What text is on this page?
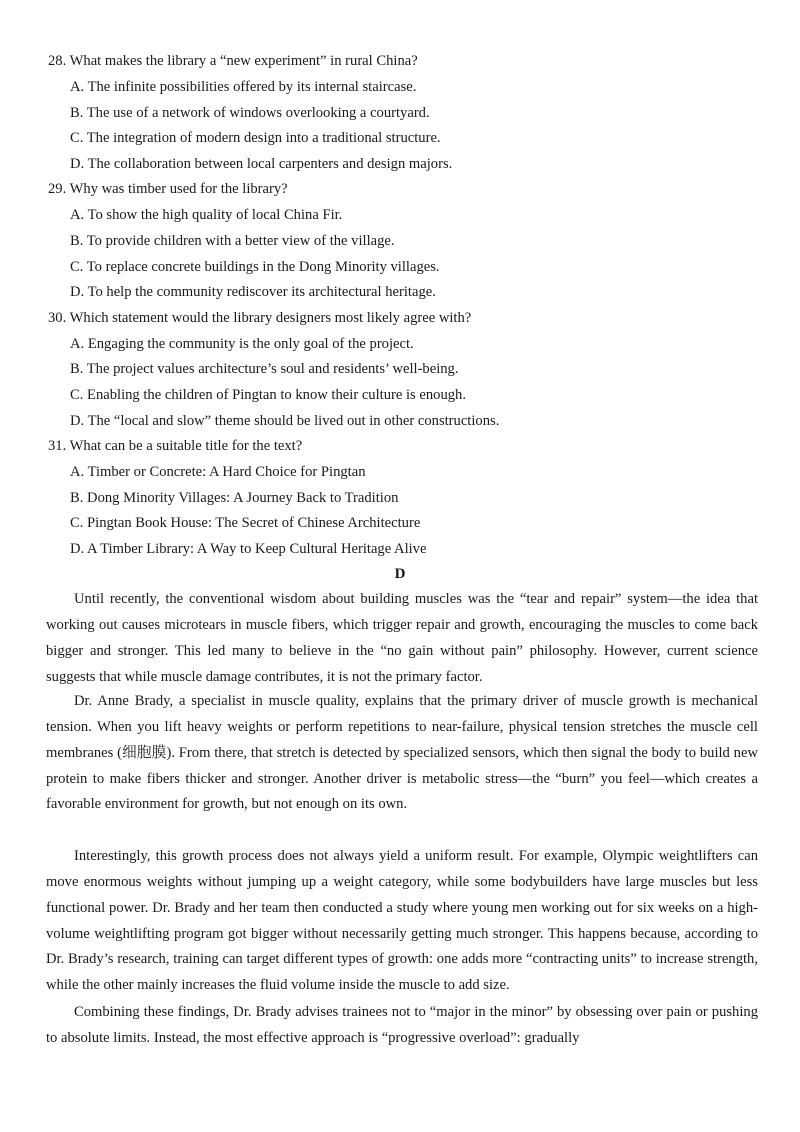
28. What makes the library a “new experiment” in rural China?
A. The infinite possibilities offered by its internal staircase.
B. The use of a network of windows overlooking a courtyard.
C. The integration of modern design into a traditional structure.
D. The collaboration between local carpenters and design majors.
29. Why was timber used for the library?
A. To show the high quality of local China Fir.
B. To provide children with a better view of the village.
C. To replace concrete buildings in the Dong Minority villages.
D. To help the community rediscover its architectural heritage.
30. Which statement would the library designers most likely agree with?
A. Engaging the community is the only goal of the project.
B. The project values architecture’s soul and residents’ well-being.
C. Enabling the children of Pingtan to know their culture is enough.
D. The “local and slow” theme should be lived out in other constructions.
31. What can be a suitable title for the text?
A. Timber or Concrete: A Hard Choice for Pingtan
B. Dong Minority Villages: A Journey Back to Tradition
C. Pingtan Book House: The Secret of Chinese Architecture
D. A Timber Library: A Way to Keep Cultural Heritage Alive
D
Until recently, the conventional wisdom about building muscles was the “tear and repair” system—the idea that working out causes microtears in muscle fibers, which trigger repair and growth, encouraging the muscles to come back bigger and stronger. This led many to believe in the “no gain without pain” philosophy. However, current science suggests that while muscle damage contributes, it is not the primary factor.
Dr. Anne Brady, a specialist in muscle quality, explains that the primary driver of muscle growth is mechanical tension. When you lift heavy weights or perform repetitions to near-failure, physical tension stretches the muscle cell membranes (细胞膜). From there, that stretch is detected by specialized sensors, which then signal the body to build new protein to make fibers thicker and stronger. Another driver is metabolic stress—the “burn” you feel—which creates a favorable environment for growth, but not enough on its own.
Interestingly, this growth process does not always yield a uniform result. For example, Olympic weightlifters can move enormous weights without jumping up a weight category, while some bodybuilders have large muscles but less functional power. Dr. Brady and her team then conducted a study where young men working out for six weeks on a high-volume weightlifting program got bigger without necessarily getting much stronger. This happens because, according to Dr. Brady’s research, training can target different types of growth: one adds more “contracting units” to increase strength, while the other mainly increases the fluid volume inside the muscle to add size.
Combining these findings, Dr. Brady advises trainees not to “major in the minor” by obsessing over pain or pushing to absolute limits. Instead, the most effective approach is “progressive overload”: gradually
